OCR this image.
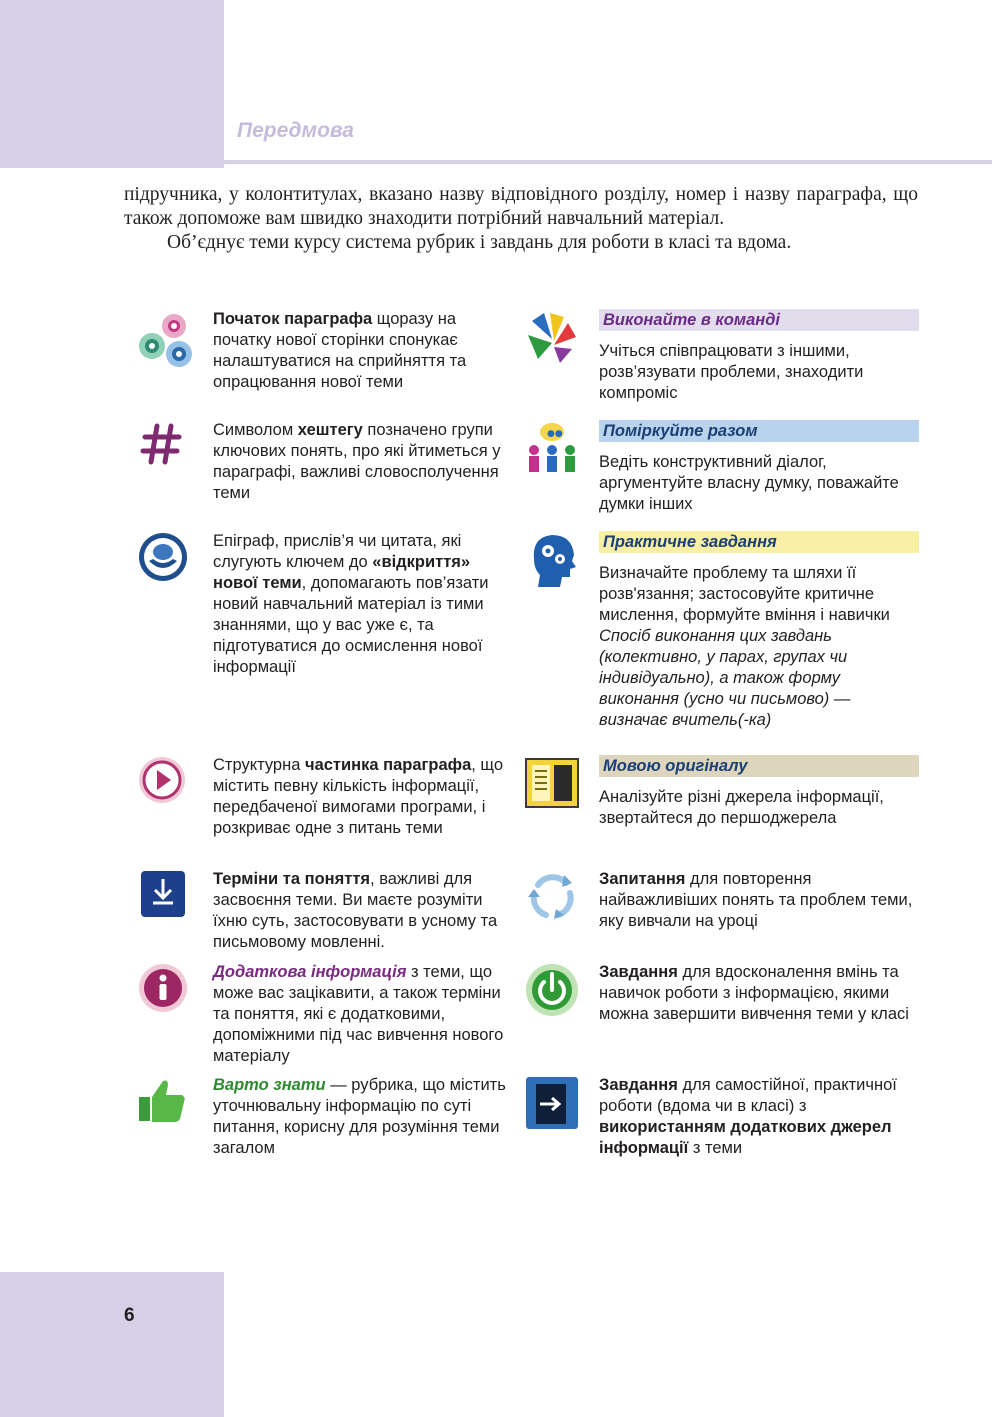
Передмова
6

підручника, у колонтитулах, вказано назву відповідного розділу, номер і назву параграфа, що також допоможе вам швидко знаходити потрібний навчальний матеріал.

Об’єднує теми курсу система рубрик і завдань для роботи в класі та вдома.

Початок параграфа щоразу на початку нової сторінки спонукає налаштуватися на сприйняття та опрацювання нової теми
Символом хештегу позначено групи ключових понять, про які йтиметься у параграфі, важливі словосполучення теми
Епіграф, прислів’я чи цитата, які слугують ключем до «відкриття» нової теми, допомагають пов’язати новий навчальний матеріал із тими знаннями, що у вас уже є, та підготуватися до осмислення нової інформації
Структурна частинка параграфа, що містить певну кількість інформації, передбаченої вимогами програми, і розкриває одне з питань теми
Терміни та поняття, важливі для засвоєння теми. Ви маєте розуміти їхню суть, застосовувати в усному та письмовому мовленні.
Додаткова інформація з теми, що може вас зацікавити, а також терміни та поняття, які є додатковими, допоміжними під час вивчення нового матеріалу
Варто знати — рубрика, що містить уточнювальну інформацію по суті питання, корисну для розуміння теми загалом
Виконайте в команді
Учіться співпрацювати з іншими, розв’язувати проблеми, знаходити компроміс
●● Поміркуйте разом
Ведіть конструктивний діалог, аргументуйте власну думку, поважайте думки інших
Практичне завдання
Визначайте проблему та шляхи її розв'язання; застосовуйте критичне мислення, формуйте вміння і навички
Спосіб виконання цих завдань (колективно, у парах, групах чи індивідуально), а також форму виконання (усно чи письмово) — визначає вчитель(-ка)
Мовою оригіналу
Аналізуйте різні джерела інформації, звертайтеся до першоджерела
Запитання для повторення найважливіших понять та проблем теми, яку вивчали на уроці
Завдання для вдосконалення вмінь та навичок роботи з інформацією, якими можна завершити вивчення теми у класі
Завдання для самостійної, практичної роботи (вдома чи в класі) з використанням додаткових джерел інформації з теми
